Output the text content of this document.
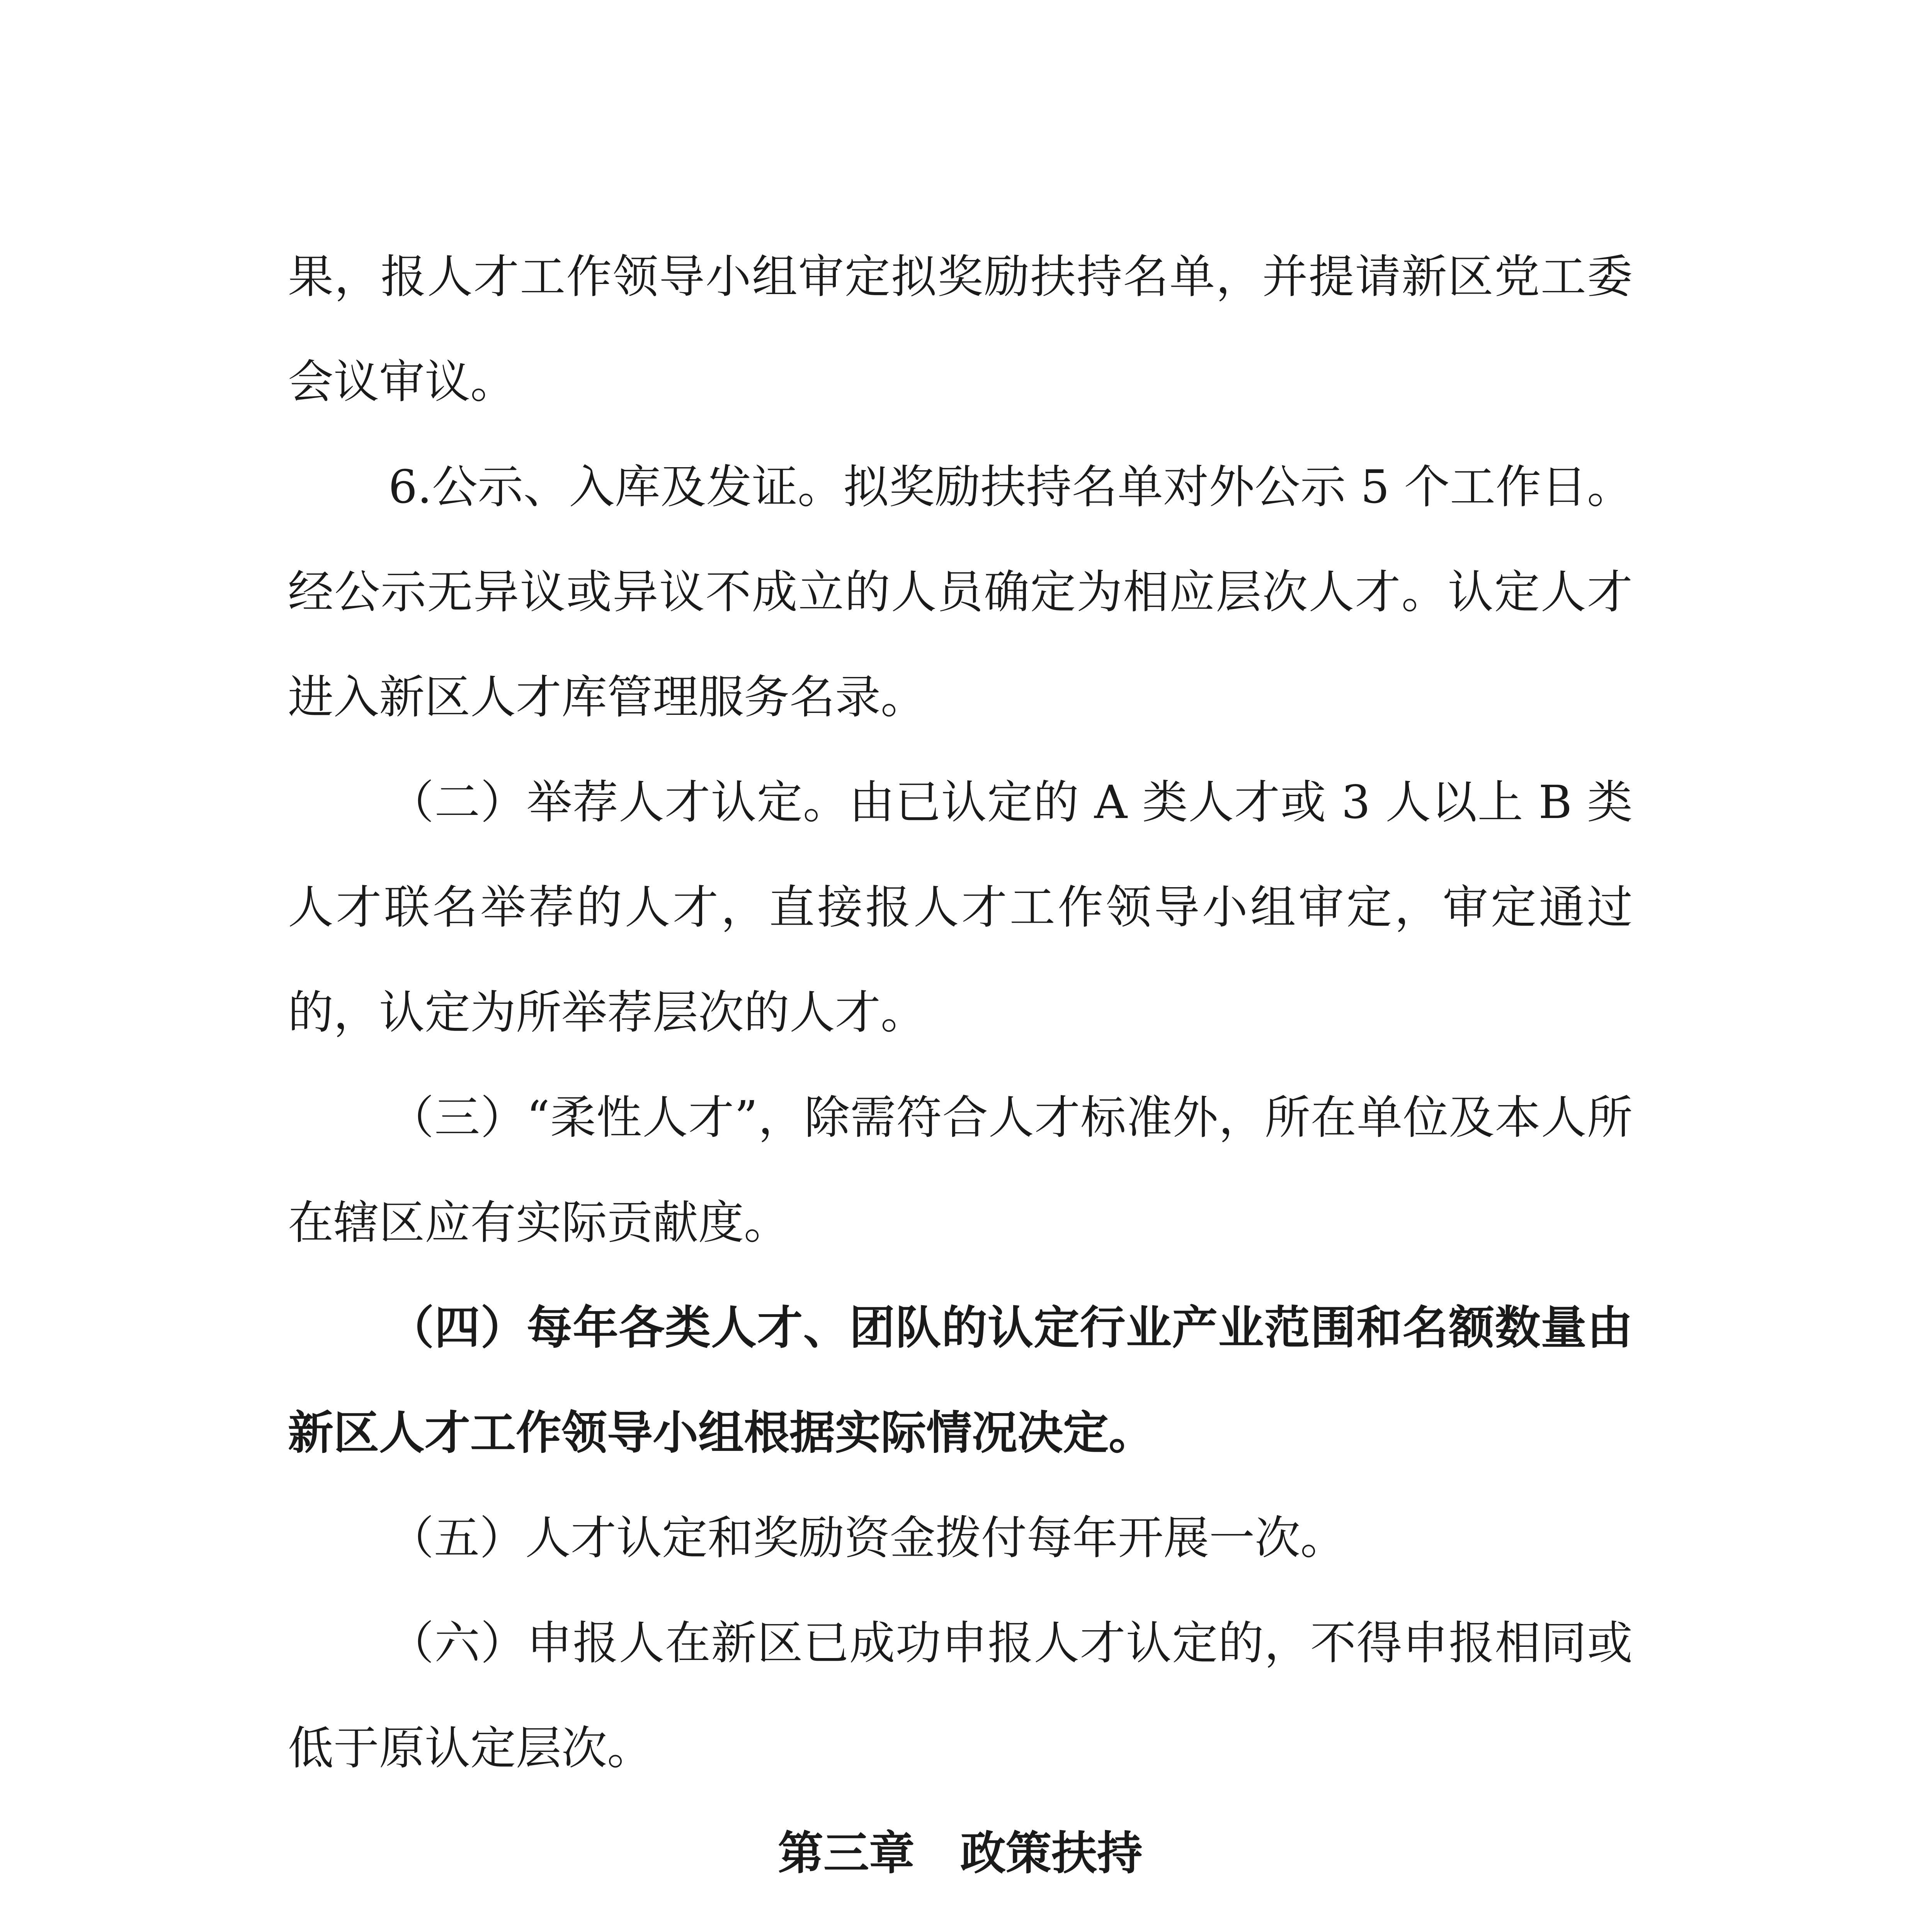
果，报人才工作领导小组审定拟奖励扶持名单，并提请新区党工委会议审议。

6.公示、入库及发证。拟奖励扶持名单对外公示 5 个工作日。经公示无异议或异议不成立的人员确定为相应层次人才。认定人才进入新区人才库管理服务名录。

（二）举荐人才认定。由已认定的 A 类人才或 3 人以上 B 类人才联名举荐的人才，直接报人才工作领导小组审定，审定通过的，认定为所举荐层次的人才。

（三）“柔性人才”，除需符合人才标准外，所在单位及本人所在辖区应有实际贡献度。

（四）每年各类人才、团队的认定行业产业范围和名额数量由新区人才工作领导小组根据实际情况决定。

（五）人才认定和奖励资金拨付每年开展一次。

（六）申报人在新区已成功申报人才认定的，不得申报相同或低于原认定层次。

第三章　政策扶持
